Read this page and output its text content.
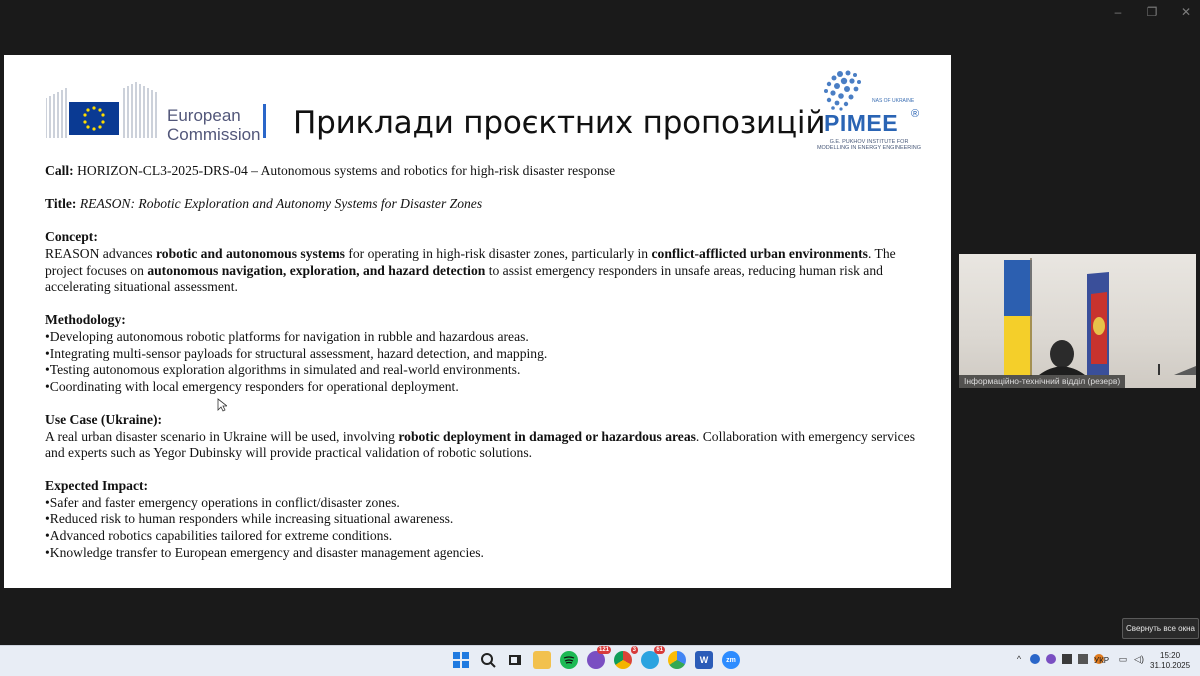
– ❐ ✕
European
Commission Приклади проєктних пропозицій
NAS OF UKRAINE
PIMEE ®
G.E. PUKHOV INSTITUTE FOR
MODELLING IN ENERGY ENGINEERING

Call: HORIZON-CL3-2025-DRS-04 – Autonomous systems and robotics for high-risk disaster response

Title: REASON: Robotic Exploration and Autonomy Systems for Disaster Zones

Concept:

REASON advances robotic and autonomous systems for operating in high-risk disaster zones, particularly in conflict-afflicted urban environments. The project focuses on autonomous navigation, exploration, and hazard detection to assist emergency responders in unsafe areas, reducing human risk and accelerating situational assessment.

Methodology:

•Developing autonomous robotic platforms for navigation in rubble and hazardous areas.

•Integrating multi-sensor payloads for structural assessment, hazard detection, and mapping.

•Testing autonomous exploration algorithms in simulated and real-world environments.

•Coordinating with local emergency responders for operational deployment.

Use Case (Ukraine):

A real urban disaster scenario in Ukraine will be used, involving robotic deployment in damaged or hazardous areas. Collaboration with emergency services and experts such as Yegor Dubinsky will provide practical validation of robotic solutions.

Expected Impact:

•Safer and faster emergency operations in conflict/disaster zones.

•Reduced risk to human responders while increasing situational awareness.

•Advanced robotics capabilities tailored for extreme conditions.

•Knowledge transfer to European emergency and disaster management agencies.

Інформаційно-технічний відділ (резерв)
Свернуть все окна
121	3	61
W	zm	^	УКР ▭ ◁)	15:20
31.10.2025
